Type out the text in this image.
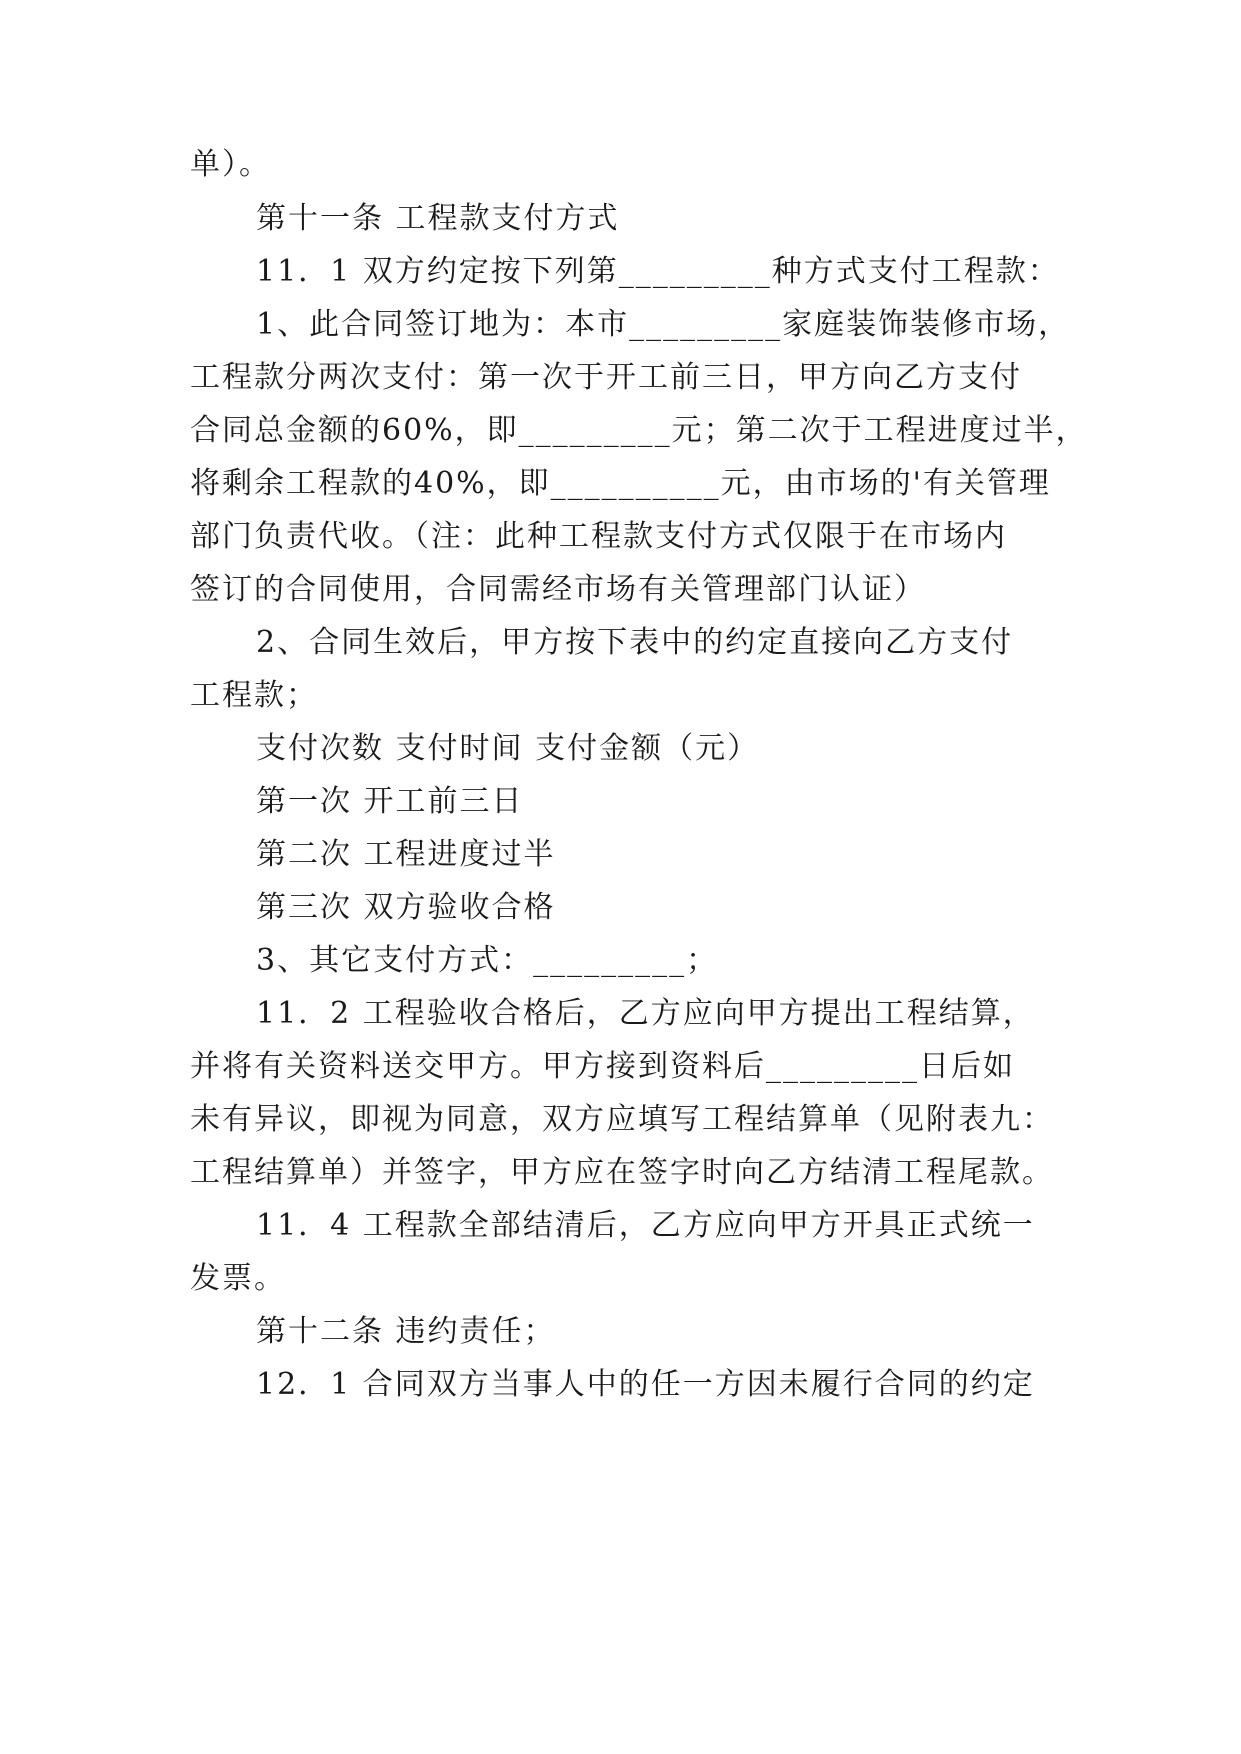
单）。
第十一条 工程款支付方式
11．1 双方约定按下列第_________种方式支付工程款：
1、此合同签订地为：本市_________家庭装饰装修市场，
工程款分两次支付：第一次于开工前三日，甲方向乙方支付
合同总金额的60%，即_________元；第二次于工程进度过半，
将剩余工程款的40%，即__________元，由市场的'有关管理
部门负责代收。（注：此种工程款支付方式仅限于在市场内
签订的合同使用，合同需经市场有关管理部门认证）
2、合同生效后，甲方按下表中的约定直接向乙方支付
工程款；
支付次数 支付时间 支付金额（元）
第一次 开工前三日
第二次 工程进度过半
第三次 双方验收合格
3、其它支付方式：_________；
11．2 工程验收合格后，乙方应向甲方提出工程结算，
并将有关资料送交甲方。甲方接到资料后_________日后如
未有异议，即视为同意，双方应填写工程结算单（见附表九：
工程结算单）并签字，甲方应在签字时向乙方结清工程尾款。
11．4 工程款全部结清后，乙方应向甲方开具正式统一
发票。
第十二条 违约责任；
12．1 合同双方当事人中的任一方因未履行合同的约定
